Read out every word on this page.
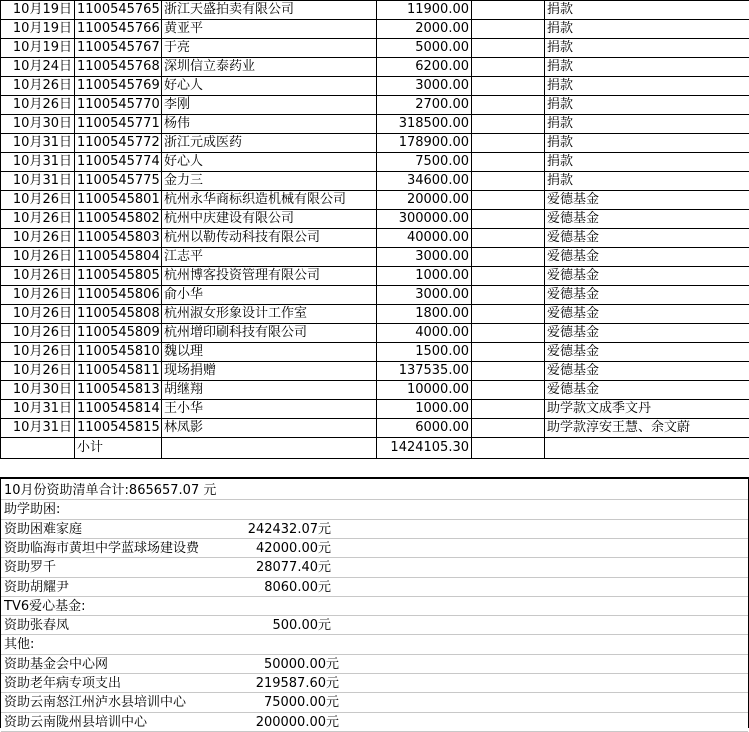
10月19日	1100545765	浙江天盛拍卖有限公司	11900.00		捐款
10月19日	1100545766	黄亚平	2000.00		捐款
10月19日	1100545767	于亮	5000.00		捐款
10月24日	1100545768	深圳信立泰药业	6200.00		捐款
10月26日	1100545769	好心人	3000.00		捐款
10月26日	1100545770	李刚	2700.00		捐款
10月30日	1100545771	杨伟	318500.00		捐款
10月31日	1100545772	浙江元成医药	178900.00		捐款
10月31日	1100545774	好心人	7500.00		捐款
10月31日	1100545775	金力三	34600.00		捐款
10月26日	1100545801	杭州永华商标织造机械有限公司	20000.00		爱德基金
10月26日	1100545802	杭州中庆建设有限公司	300000.00		爱德基金
10月26日	1100545803	杭州以勒传动科技有限公司	40000.00		爱德基金
10月26日	1100545804	江志平	3000.00		爱德基金
10月26日	1100545805	杭州博客投资管理有限公司	1000.00		爱德基金
10月26日	1100545806	俞小华	3000.00		爱德基金
10月26日	1100545808	杭州淑女形象设计工作室	1800.00		爱德基金
10月26日	1100545809	杭州增印刷科技有限公司	4000.00		爱德基金
10月26日	1100545810	魏以理	1500.00		爱德基金
10月26日	1100545811	现场捐赠	137535.00		爱德基金
10月30日	1100545813	胡继翔	10000.00		爱德基金
10月31日	1100545814	王小华	1000.00		助学款文成季文丹
10月31日	1100545815	林凤影	6000.00		助学款淳安王慧、余文蔚
	小计		1424105.30		
10月份资助清单合计:865657.07 元
助学助困:
资助困难家庭	242432.07元
资助临海市黄坦中学蓝球场建设费	42000.00元
资助罗千	28077.40元
资助胡耀尹	8060.00元
TV6爱心基金:
资助张春凤	500.00元
其他:
资助基金会中心网	50000.00元
资助老年病专项支出	219587.60元
资助云南怒江州泸水县培训中心	75000.00元
资助云南陇州县培训中心	200000.00元
